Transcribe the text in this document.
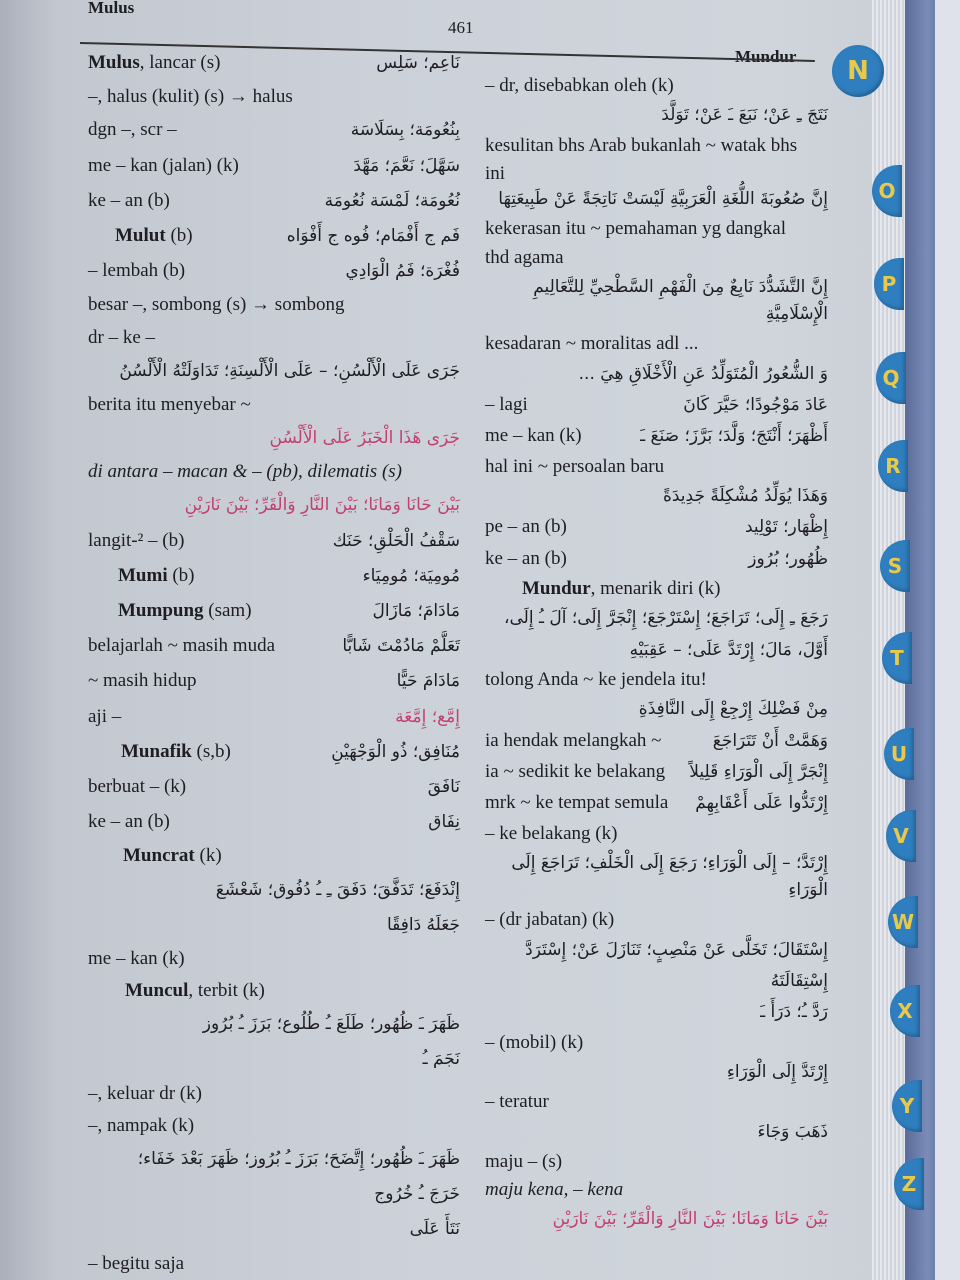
Mulus
461
Mundur
Mulus, lancar (s)	نَاعِم؛ سَلِس
–, halus (kulit) (s) → halus
dgn –, scr –	بِنُعُومَة؛ بِسَلَاسَة
me – kan (jalan) (k)	سَهَّلَ؛ نَعَّمَ؛ مَهَّدَ
ke – an (b)	نُعُومَة؛ لَمْسَة نُعُومَة
Mulut (b)	فَم ج أَفْمَام؛ فُوه ج أَفْوَاه
– lembah (b)	فُغْرَة؛ فَمُ الْوَادِي
besar –, sombong (s) → sombong
dr – ke –
جَرَى عَلَى الْأَلْسُنِ؛ – عَلَى الْأَلْسِنَةِ؛ تَدَاوَلَتْهُ الْأَلْسُنُ
berita itu menyebar ~
جَرَى هَذَا الْخَبَرُ عَلَى الْأَلْسُنِ
di antara – macan & – (pb), dilematis (s)
بَيْنَ حَانَا وَمَانَا؛ بَيْنَ النَّارِ وَالْقَرِّ؛ بَيْنَ نَارَيْنِ
langit-² – (b)	سَقْفُ الْحَلْقِ؛ حَنَك
Mumi (b)	مُومِيَة؛ مُومِيَاء
Mumpung (sam)	مَادَامَ؛ مَازَالَ
belajarlah ~ masih muda	تَعَلَّمْ مَادُمْتَ شَابًّا
~ masih hidup	مَادَامَ حَيًّا
aji –	إِمَّع؛ إِمَّعَة
Munafik (s,b)	مُنَافِق؛ ذُو الْوَجْهَيْنِ
berbuat – (k)	نَافَقَ
ke – an (b)	نِفَاق
Muncrat (k)
إِنْدَفَعَ؛ تَدَفَّقَ؛ دَفَقَ ـِ ـُ دُفُوق؛ شَعْشَعَ
جَعَلَهُ دَافِقًا
me – kan (k)
Muncul, terbit (k)
ظَهَرَ ـَ ظُهُور؛ طَلَعَ ـُ طُلُوع؛ بَرَزَ ـُ بُرُوز
نَجَمَ ـُ
–, keluar dr (k)
–, nampak (k)
ظَهَرَ ـَ ظُهُور؛ إِتَّضَحَ؛ بَرَزَ ـُ بُرُوز؛ ظَهَرَ بَعْدَ خَفَاء؛
خَرَجَ ـُ خُرُوج
نَتَأَ عَلَى
– begitu saja
– dr, disebabkan oleh (k)
نَتَجَ ـِ عَنْ؛ نَبَعَ ـَ عَنْ؛ تَوَلَّدَ
kesulitan bhs Arab bukanlah ~ watak bhs
ini
إِنَّ صُعُوبَةَ اللُّغَةِ الْعَرَبِيَّةِ لَيْسَتْ نَاتِجَةً عَنْ طَبِيعَتِهَا
kekerasan itu ~ pemahaman yg dangkal
thd agama
إِنَّ التَّشَدُّدَ نَابِعٌ مِنَ الْفَهْمِ السَّطْحِيِّ لِلتَّعَالِيمِ الْإِسْلَامِيَّةِ
kesadaran ~ moralitas adl ...
وَ الشُّعُورُ الْمُتَوَلِّدُ عَنِ الْأَخْلَاقِ هِيَ ...
– lagi	عَادَ مَوْجُودًا؛ حَيَّرَ كَانَ
me – kan (k)	أَظْهَرَ؛ أَنْتَجَ؛ وَلَّدَ؛ بَرَّزَ؛ صَنَعَ ـَ
hal ini ~ persoalan baru
وَهَذَا يُوَلِّدُ مُشْكِلَةً جَدِيدَةً
pe – an (b)	إِظْهَار؛ تَوْلِيد
ke – an (b)	ظُهُور؛ بُرُوز
Mundur, menarik diri (k)
رَجَعَ ـِ إِلَى؛ تَرَاجَعَ؛ إِسْتَرْجَعَ؛ إِنْجَرَّ إِلَى؛ آلَ ـُ إِلَى،
أَوَّلَ، مَالَ؛ إِرْتَدَّ عَلَى؛ – عَقِبَيْهِ
tolong Anda ~ ke jendela itu!
مِنْ فَضْلِكَ إِرْجِعْ إِلَى النَّافِذَةِ
ia hendak melangkah ~	وَهَمَّتْ أَنْ تَتَرَاجَعَ
ia ~ sedikit ke belakang إِنْجَرَّ إِلَى الْوَرَاءِ قَلِيلاً
mrk ~ ke tempat semula إِرْتَدُّوا عَلَى أَعْقَابِهِمْ
– ke belakang (k)
إِرْتَدَّ؛ – إِلَى الْوَرَاءِ؛ رَجَعَ إِلَى الْخَلْفِ؛ تَرَاجَعَ إِلَى الْوَرَاءِ
– (dr jabatan) (k)
إِسْتَقَالَ؛ تَخَلَّى عَنْ مَنْصِبٍ؛ تَنَازَلَ عَنْ؛ إِسْتَرَدَّ
إِسْتِقَالَتَهُ
رَدَّ ـُ؛ دَرَأَ ـَ
– (mobil) (k)
إِرْتَدَّ إِلَى الْوَرَاءِ
– teratur
ذَهَبَ وَجَاءَ
maju – (s)
maju kena, – kena
بَيْنَ حَانَا وَمَانَا؛ بَيْنَ النَّارِ وَالْقَرِّ؛ بَيْنَ نَارَيْنِ
N
O
P
Q
R
S
T
U
V
W
X
Y
Z
